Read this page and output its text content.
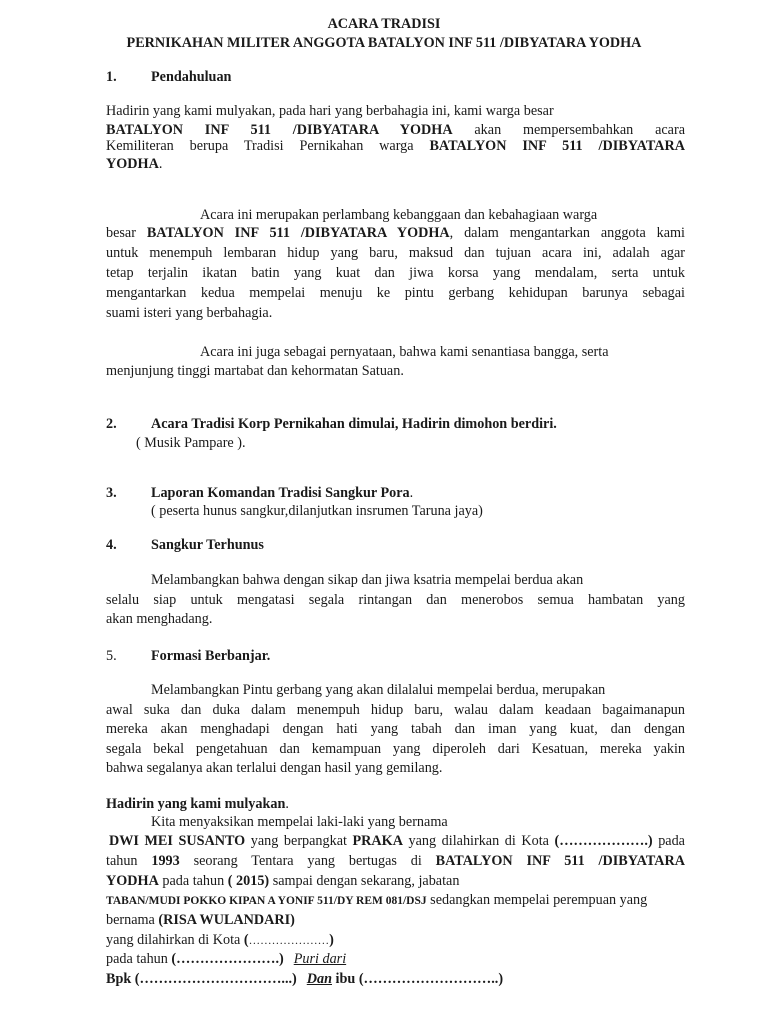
ACARA TRADISI
PERNIKAHAN MILITER ANGGOTA BATALYON INF 511 /DIBYATARA YODHA
1. Pendahuluan
Hadirin yang kami mulyakan, pada hari yang berbahagia ini, kami warga besar
BATALYON INF 511 /DIBYATARA YODHA akan mempersembahkan acara
Kemiliteran berupa Tradisi Pernikahan warga BATALYON INF 511 /DIBYATARA
YODHA.
Acara ini merupakan perlambang kebanggaan dan kebahagiaan warga
besar BATALYON INF 511 /DIBYATARA YODHA, dalam mengantarkan anggota kami
untuk menempuh lembaran hidup yang baru, maksud dan tujuan acara ini, adalah agar
tetap terjalin ikatan batin yang kuat dan jiwa korsa yang mendalam, serta untuk
mengantarkan kedua mempelai menuju ke pintu gerbang kehidupan barunya sebagai
suami isteri yang berbahagia.
Acara ini juga sebagai pernyataan, bahwa kami senantiasa bangga, serta
menjunjung tinggi martabat dan kehormatan Satuan.
2. Acara Tradisi Korp Pernikahan dimulai, Hadirin dimohon berdiri.
( Musik Pampare ).
3. Laporan Komandan Tradisi Sangkur Pora.
( peserta hunus sangkur,dilanjutkan insrumen Taruna jaya)
4. Sangkur Terhunus
Melambangkan bahwa dengan sikap dan jiwa ksatria mempelai berdua akan
selalu siap untuk mengatasi segala rintangan dan menerobos semua hambatan yang
akan menghadang.
5. Formasi Berbanjar.
Melambangkan Pintu gerbang yang akan dilalalui mempelai berdua, merupakan
awal suka dan duka dalam menempuh hidup baru, walau dalam keadaan bagaimanapun
mereka akan menghadapi dengan hati yang tabah dan iman yang kuat, dan dengan
segala bekal pengetahuan dan kemampuan yang diperoleh dari Kesatuan, mereka yakin
bahwa segalanya akan terlalui dengan hasil yang gemilang.
Hadirin yang kami mulyakan.
Kita menyaksikan mempelai laki-laki yang bernama
DWI MEI SUSANTO yang berpangkat PRAKA yang dilahirkan di Kota (……………….) pada
tahun 1993 seorang Tentara yang bertugas di BATALYON INF 511 /DIBYATARA
YODHA pada tahun ( 2015) sampai dengan sekarang, jabatan
TABAN/MUDI POKKO KIPAN A YONIF 511/DY REM 081/DSJ sedangkan mempelai perempuan yang
bernama (RISA WULANDARI)
yang dilahirkan di Kota (…………………)
pada tahun (………………….) Puri dari
Bpk (…………………………...) Dan ibu (………………………..)
